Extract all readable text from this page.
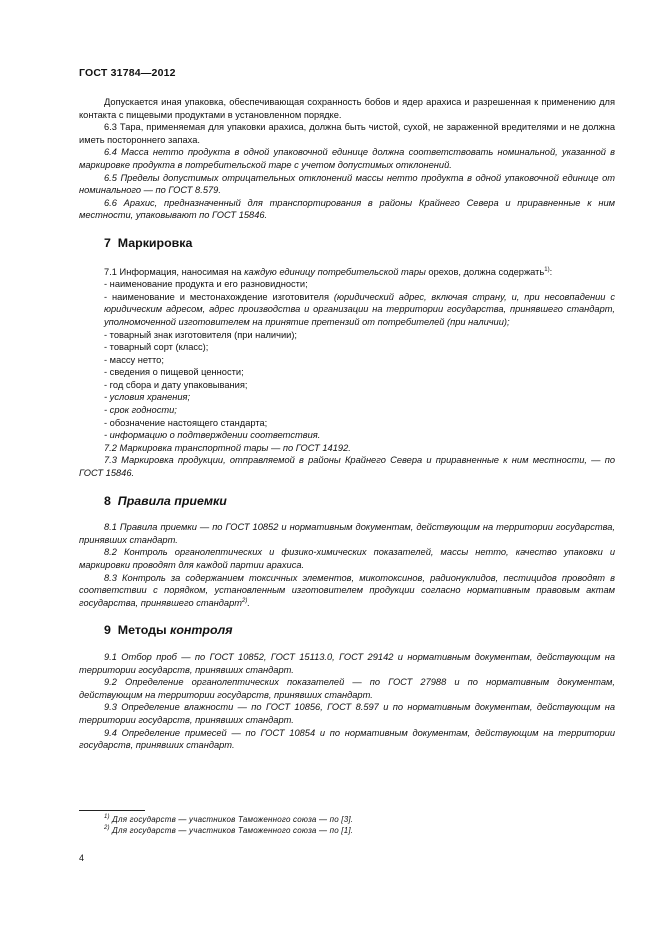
ГОСТ 31784—2012

Допускается иная упаковка, обеспечивающая сохранность бобов и ядер арахиса и разрешенная к применению для контакта с пищевыми продуктами в установленном порядке.

6.3 Тара, применяемая для упаковки арахиса, должна быть чистой, сухой, не зараженной вредителями и не должна иметь постороннего запаха.

6.4 Масса нетто продукта в одной упаковочной единице должна соответствовать номинальной, указанной в маркировке продукта в потребительской таре с учетом допустимых отклонений.

6.5 Пределы допустимых отрицательных отклонений массы нетто продукта в одной упаковочной единице от номинального — по ГОСТ 8.579.

6.6 Арахис, предназначенный для транспортирования в районы Крайнего Севера и приравненные к ним местности, упаковывают по ГОСТ 15846.

7 Маркировка

7.1 Информация, наносимая на каждую единицу потребительской тары орехов, должна содержать$^{1)}$:

- наименование продукта и его разновидности;

- наименование и местонахождение изготовителя (юридический адрес, включая страну, и, при несовпадении с юридическим адресом, адрес производства и организации на территории государства, принявшего стандарт, уполномоченной изготовителем на принятие претензий от потребителей (при наличии);

- товарный знак изготовителя (при наличии);

- товарный сорт (класс);

- массу нетто;

- сведения о пищевой ценности;

- год сбора и дату упаковывания;

- условия хранения;

- срок годности;

- обозначение настоящего стандарта;

- информацию о подтверждении соответствия.

7.2 Маркировка транспортной тары — по ГОСТ 14192.

7.3 Маркировка продукции, отправляемой в районы Крайнего Севера и приравненные к ним местности, — по ГОСТ 15846.

8 Правила приемки

8.1 Правила приемки — по ГОСТ 10852 и нормативным документам, действующим на территории государства, принявших стандарт.

8.2 Контроль органолептических и физико-химических показателей, массы нетто, качество упаковки и маркировки проводят для каждой партии арахиса.

8.3 Контроль за содержанием токсичных элементов, микотоксинов, радионуклидов, пестицидов проводят в соответствии с порядком, установленным изготовителем продукции согласно нормативным правовым актам государства, принявшего стандарт$^{2)}$.

9 Методы контроля

9.1 Отбор проб — по ГОСТ 10852, ГОСТ 15113.0, ГОСТ 29142 и нормативным документам, действующим на территории государств, принявших стандарт.

9.2 Определение органолептических показателей — по ГОСТ 27988 и по нормативным документам, действующим на территории государств, принявших стандарт.

9.3 Определение влажности — по ГОСТ 10856, ГОСТ 8.597 и по нормативным документам, действующим на территории государств, принявших стандарт.

9.4 Определение примесей — по ГОСТ 10854 и по нормативным документам, действующим на территории государств, принявших стандарт.

$^{1)}$ Для государств — участников Таможенного союза — по [3].
$^{2)}$ Для государств — участников Таможенного союза — по [1].
4
